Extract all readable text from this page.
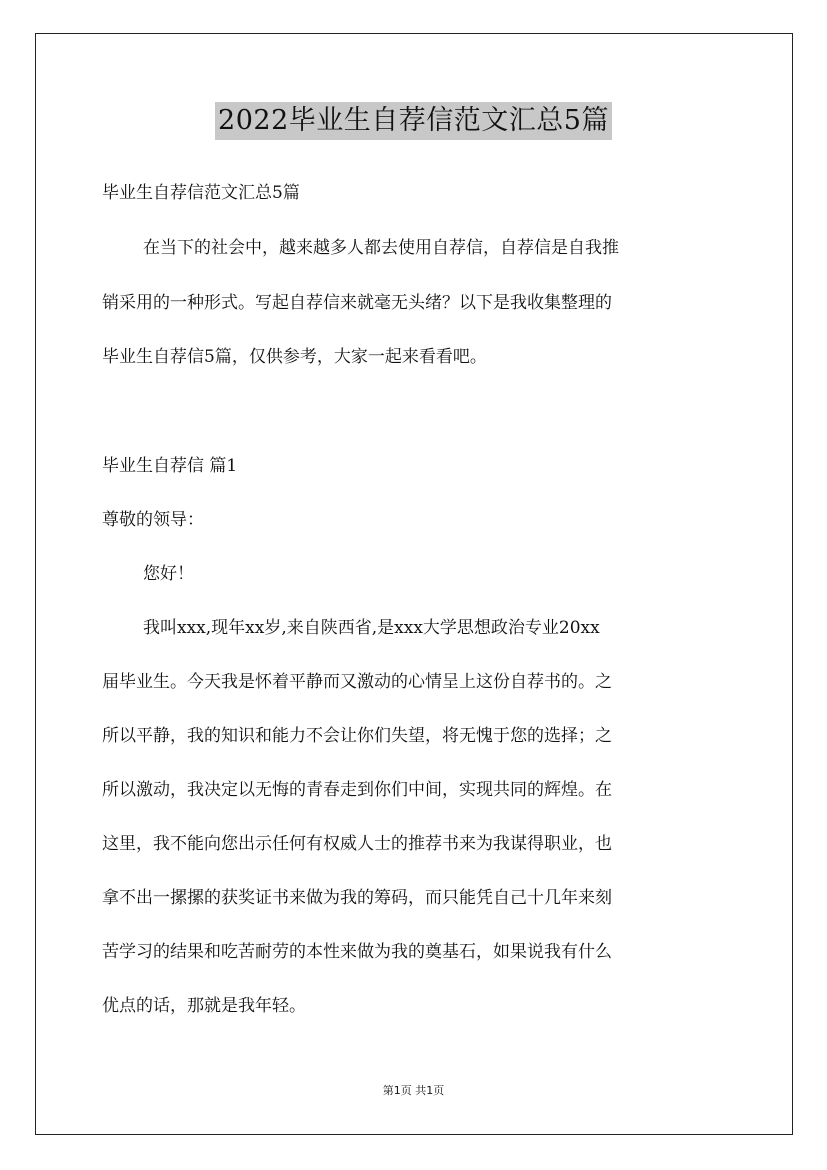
2022毕业生自荐信范文汇总5篇
毕业生自荐信范文汇总5篇
在当下的社会中，越来越多人都去使用自荐信，自荐信是自我推
销采用的一种形式。写起自荐信来就毫无头绪？以下是我收集整理的
毕业生自荐信5篇，仅供参考，大家一起来看看吧。
毕业生自荐信 篇1
尊敬的领导：
您好！
我叫xxx,现年xx岁,来自陕西省,是xxx大学思想政治专业20xx
届毕业生。今天我是怀着平静而又激动的心情呈上这份自荐书的。之
所以平静，我的知识和能力不会让你们失望，将无愧于您的选择；之
所以激动，我决定以无悔的青春走到你们中间，实现共同的辉煌。在
这里，我不能向您出示任何有权威人士的推荐书来为我谋得职业，也
拿不出一摞摞的获奖证书来做为我的筹码，而只能凭自己十几年来刻
苦学习的结果和吃苦耐劳的本性来做为我的奠基石，如果说我有什么
优点的话，那就是我年轻。
第1页 共1页
